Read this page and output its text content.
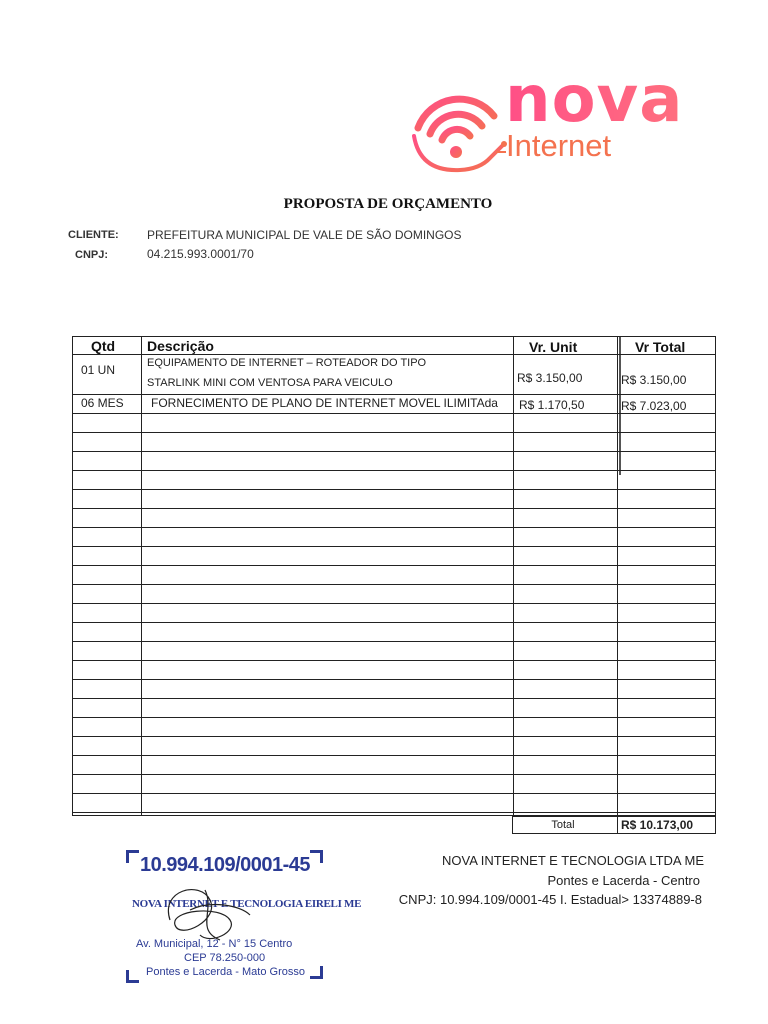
nova
Internet
PROPOSTA DE ORÇAMENTO
CLIENTE: PREFEITURA MUNICIPAL DE VALE DE SÃO DOMINGOS
CNPJ:	04.215.993.0001/70
Qtd Descrição	Vr. Unit	Vr Total
01 UN	EQUIPAMENTO DE INTERNET – ROTEADOR DO TIPO
STARLINK MINI COM VENTOSA PARA VEICULO	R$ 3.150,00	R$ 3.150,00
06 MES FORNECIMENTO DE PLANO DE INTERNET MOVEL ILIMITAda R$ 1.170,50	R$ 7.023,00
Total	R$ 10.173,00
NOVA INTERNET E TECNOLOGIA LTDA ME
Pontes e Lacerda - Centro
CNPJ: 10.994.109/0001-45 I. Estadual> 13374889-8
10.994.109/0001-45
NOVA INTERNET E TECNOLOGIA EIRELI ME
Av. Municipal, 12 - N° 15 Centro
CEP 78.250-000
Pontes e Lacerda - Mato Grosso
